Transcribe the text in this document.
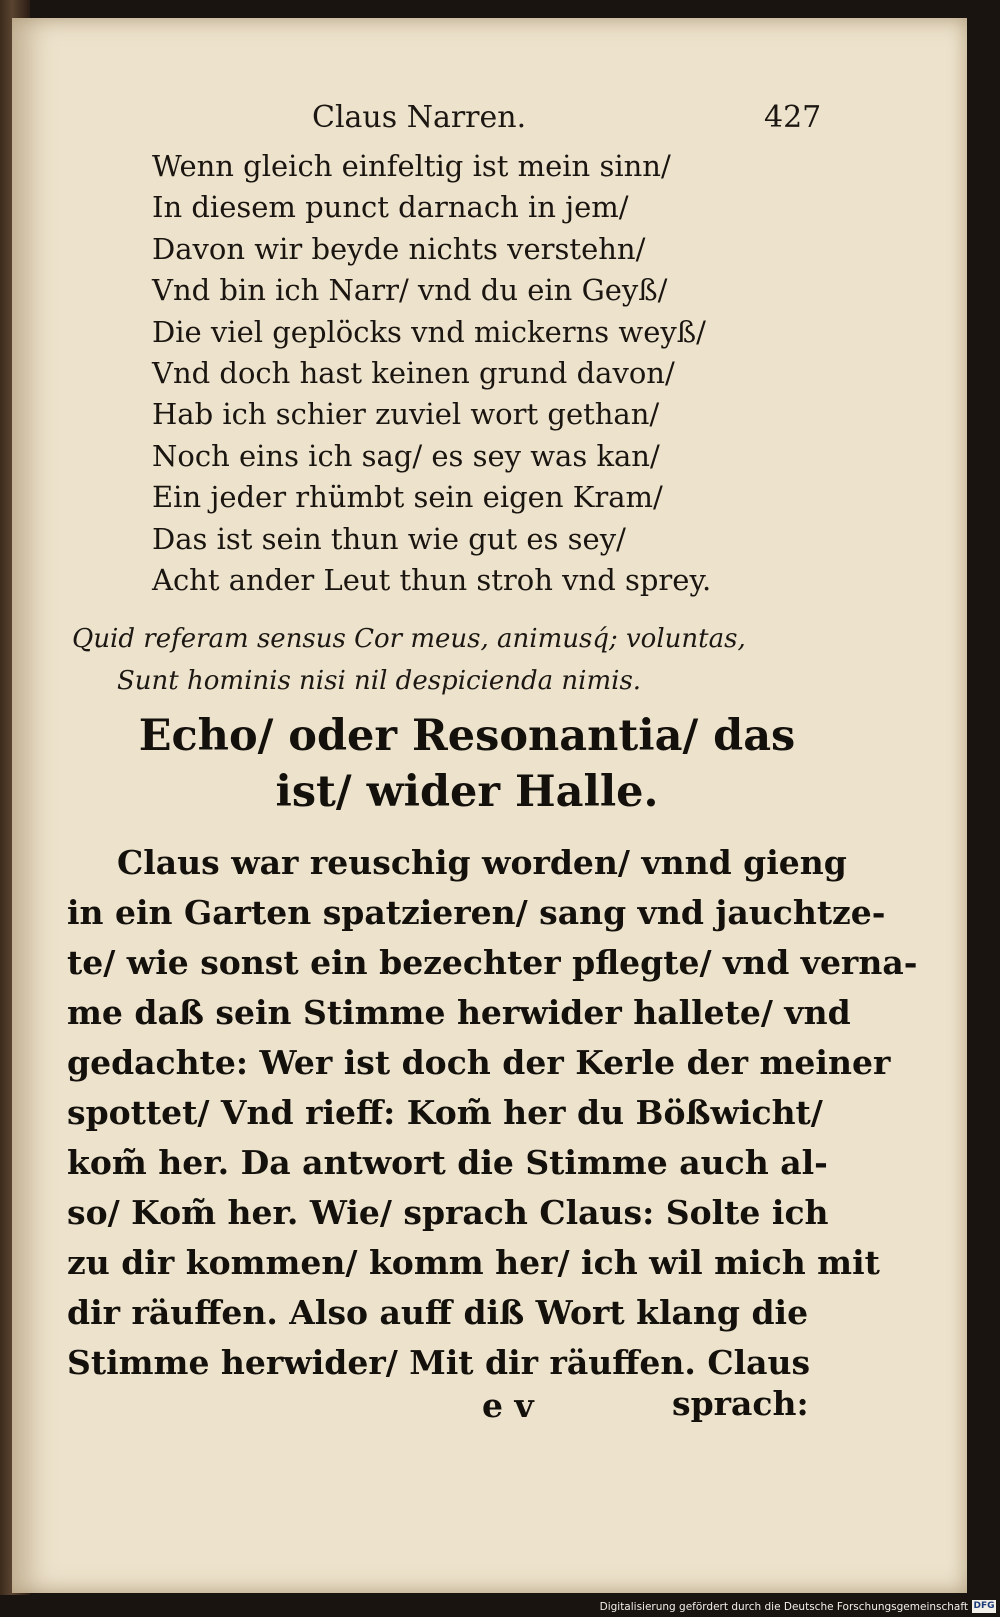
Claus Narren.	427
Wenn gleich einfeltig ist mein sinn/
In diesem punct darnach in jem/
Davon wir beyde nichts verstehn/
Vnd bin ich Narr/ vnd du ein Geyß/
Die viel geplöcks vnd mickerns weyß/
Vnd doch hast keinen grund davon/
Hab ich schier zuviel wort gethan/
Noch eins ich sag/ es sey was kan/
Ein jeder rhümbt sein eigen Kram/
Das ist sein thun wie gut es sey/
Acht ander Leut thun stroh vnd sprey.
Quid referam sensus Cor meus, animusq́; voluntas,
Sunt hominis nisi nil despicienda nimis.
Echo/ oder Resonantia/ das
ist/ wider Halle.
Claus war reuschig worden/ vnnd gieng
in ein Garten spatzieren/ sang vnd jauchtze-
te/ wie sonst ein bezechter pflegte/ vnd verna-
me daß sein Stimme herwider hallete/ vnd
gedachte: Wer ist doch der Kerle der meiner
spottet/ Vnd rieff: Kom̃ her du Bößwicht/
kom̃ her. Da antwort die Stimme auch al-
so/ Kom̃ her. Wie/ sprach Claus: Solte ich
zu dir kommen/ komm her/ ich wil mich mit
dir räuffen. Also auff diß Wort klang die
Stimme herwider/ Mit dir räuffen. Claus
e v	sprach:
Digitalisierung gefördert durch die Deutsche Forschungsgemeinschaft DFG
